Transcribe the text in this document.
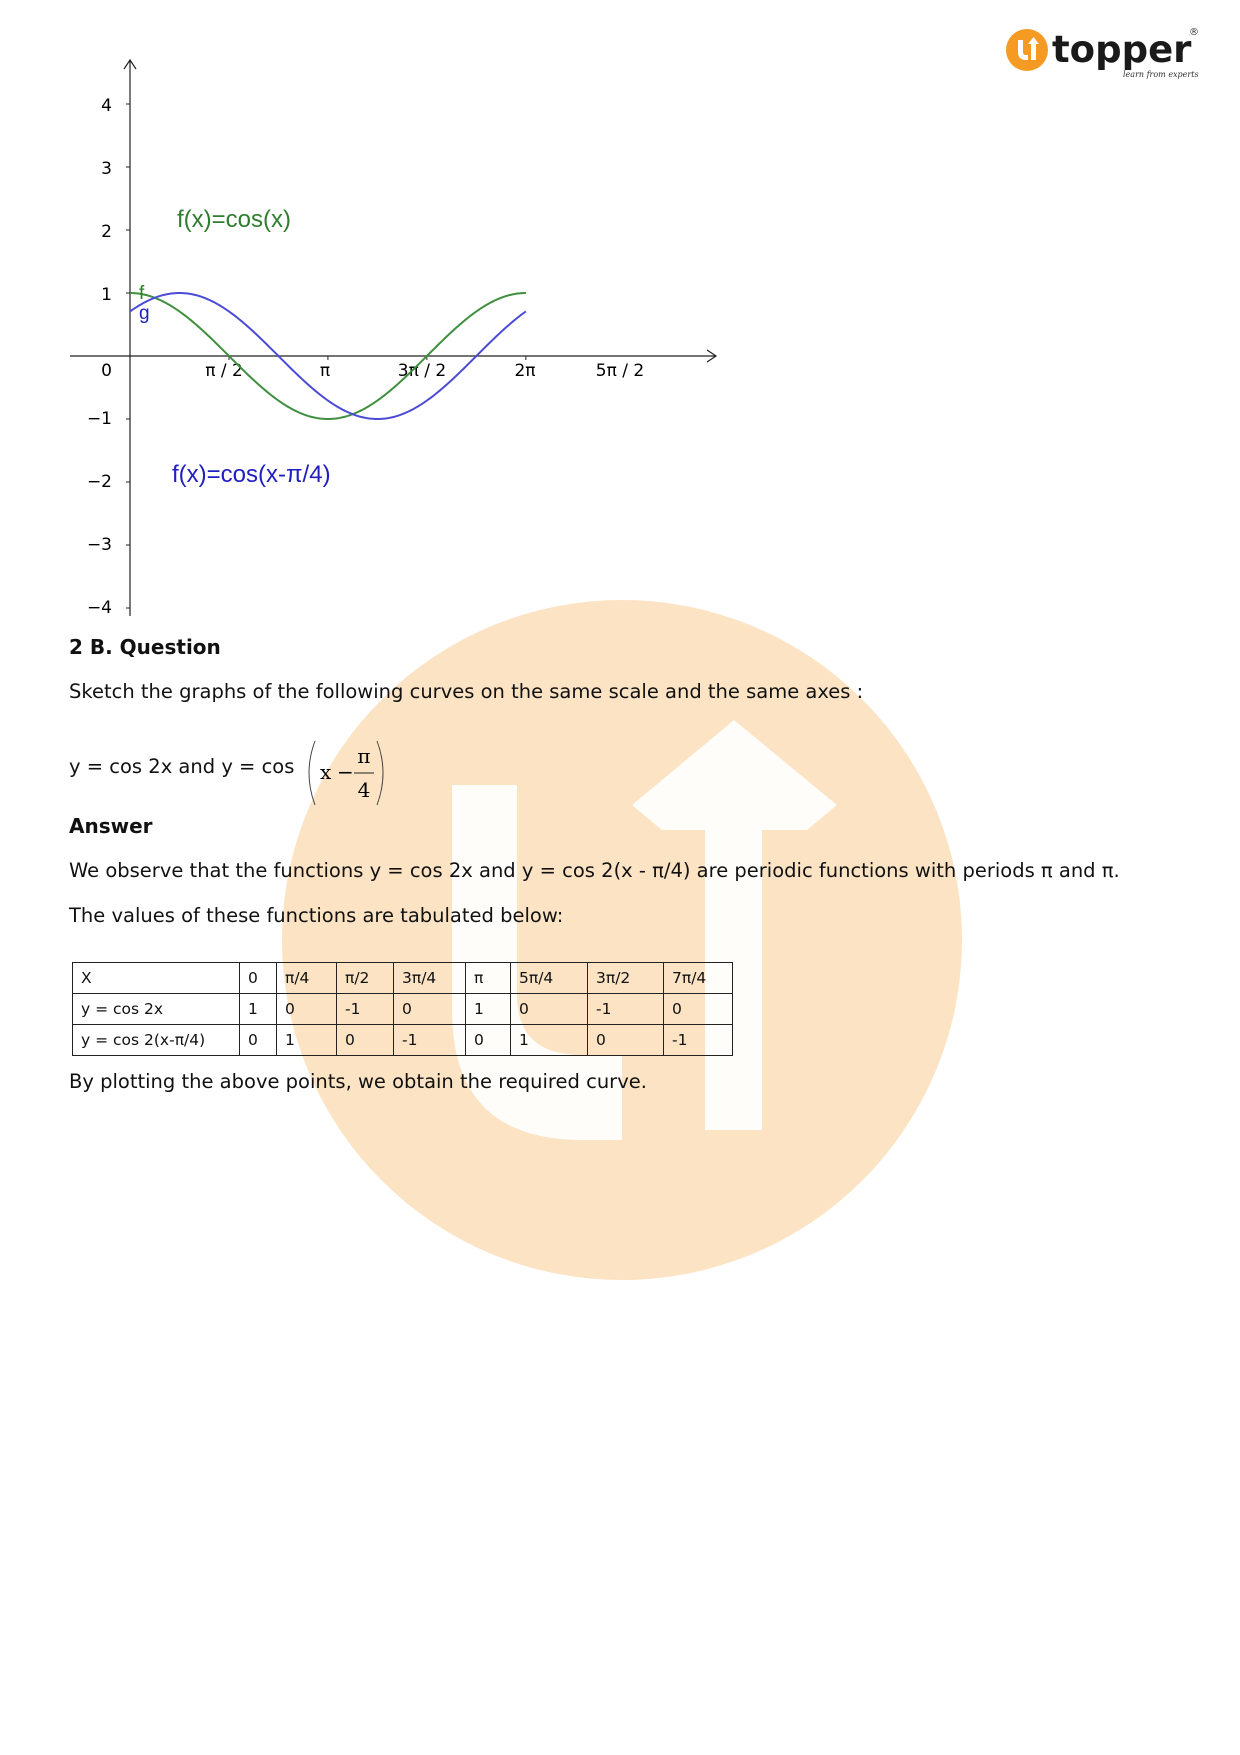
topper
learn from experts
®
4
3
2
1
0
−1
−2
−3
−4
π / 2	π	3π / 2	2π	5π / 2
f(x)=cos(x)
f(x)=cos(x-π/4)
f
g
2 B. Question
Sketch the graphs of the following curves on the same scale and the same axes :
y = cos 2x and y = cos x −
π
4
Answer
We observe that the functions y = cos 2x and y = cos 2(x - π/4) are periodic functions with periods π and π.
The values of these functions are tabulated below:
X	0	π/4	π/2	3π/4	π	5π/4	3π/2	7π/4
y = cos 2x	1	0	-1	0	1	0	-1	0
y = cos 2(x-π/4)	0	1	0	-1	0	1	0	-1
By plotting the above points, we obtain the required curve.
